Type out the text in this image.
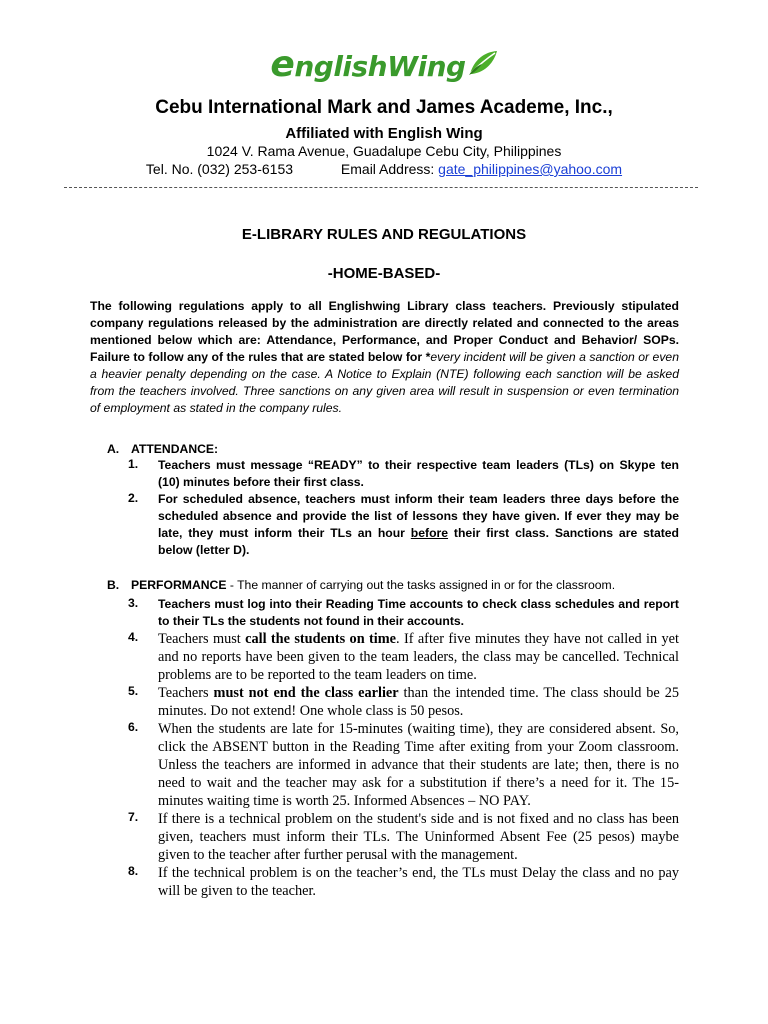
englishWing
Cebu International Mark and James Academe, Inc.,
Affiliated with English Wing
1024 V. Rama Avenue, Guadalupe Cebu City, Philippines
Tel. No. (032) 253-6153	Email Address: gate_philippines@yahoo.com
E-LIBRARY RULES AND REGULATIONS
-HOME-BASED-
The following regulations apply to all Englishwing Library class teachers. Previously stipulated company regulations released by the administration are directly related and connected to the areas mentioned below which are: Attendance, Performance, and Proper Conduct and Behavior/ SOPs. Failure to follow any of the rules that are stated below for *every incident will be given a sanction or even a heavier penalty depending on the case. A Notice to Explain (NTE) following each sanction will be asked from the teachers involved. Three sanctions on any given area will result in suspension or even termination of employment as stated in the company rules.
A. ATTENDANCE:
1. Teachers must message “READY” to their respective team leaders (TLs) on Skype ten (10) minutes before their first class.
2. For scheduled absence, teachers must inform their team leaders three days before the scheduled absence and provide the list of lessons they have given. If ever they may be late, they must inform their TLs an hour before their first class. Sanctions are stated below (letter D).
B. PERFORMANCE - The manner of carrying out the tasks assigned in or for the classroom.
3. Teachers must log into their Reading Time accounts to check class schedules and report to their TLs the students not found in their accounts.
4. Teachers must call the students on time. If after five minutes they have not called in yet and no reports have been given to the team leaders, the class may be cancelled. Technical problems are to be reported to the team leaders on time.
5. Teachers must not end the class earlier than the intended time. The class should be 25 minutes. Do not extend! One whole class is 50 pesos.
6. When the students are late for 15-minutes (waiting time), they are considered absent. So, click the ABSENT button in the Reading Time after exiting from your Zoom classroom. Unless the teachers are informed in advance that their students are late; then, there is no need to wait and the teacher may ask for a substitution if there’s a need for it. The 15-minutes waiting time is worth 25. Informed Absences – NO PAY.
7. If there is a technical problem on the student's side and is not fixed and no class has been given, teachers must inform their TLs. The Uninformed Absent Fee (25 pesos) maybe given to the teacher after further perusal with the management.
8. If the technical problem is on the teacher’s end, the TLs must Delay the class and no pay will be given to the teacher.
